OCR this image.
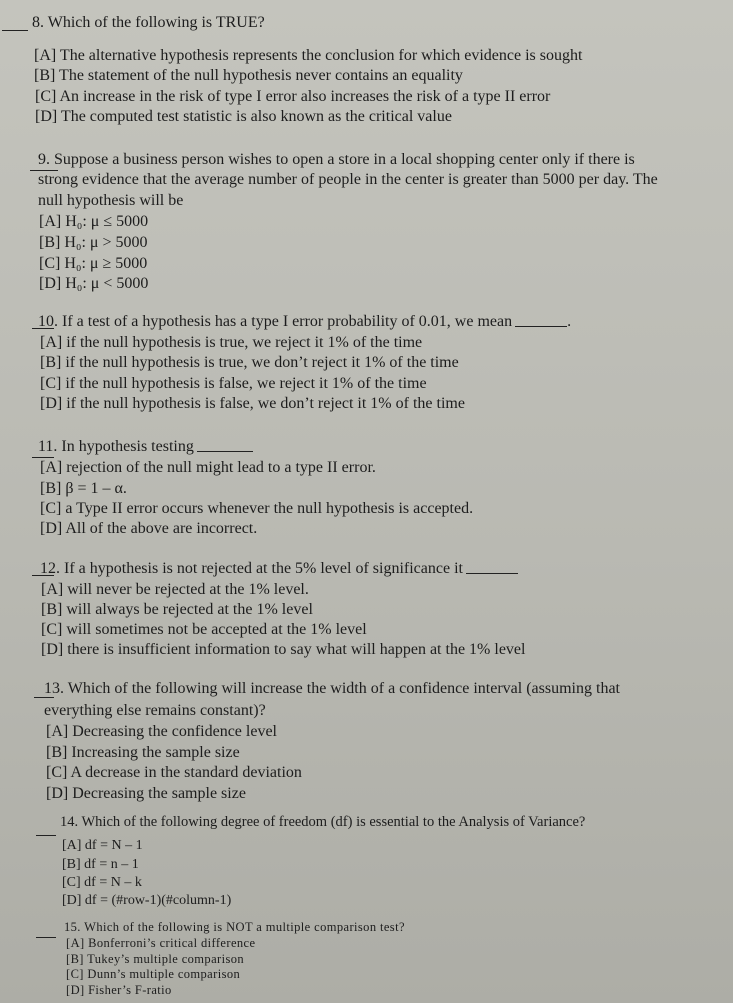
8. Which of the following is TRUE?
[A] The alternative hypothesis represents the conclusion for which evidence is sought
[B] The statement of the null hypothesis never contains an equality
[C] An increase in the risk of type I error also increases the risk of a type II error
[D] The computed test statistic is also known as the critical value
9. Suppose a business person wishes to open a store in a local shopping center only if there is
strong evidence that the average number of people in the center is greater than 5000 per day. The
null hypothesis will be
[A] H₀: μ ≤ 5000
[B] H₀: μ > 5000
[C] H₀: μ ≥ 5000
[D] H₀: μ < 5000
10. If a test of a hypothesis has a type I error probability of 0.01, we mean	.
[A] if the null hypothesis is true, we reject it 1% of the time
[B] if the null hypothesis is true, we don’t reject it 1% of the time
[C] if the null hypothesis is false, we reject it 1% of the time
[D] if the null hypothesis is false, we don’t reject it 1% of the time
11. In hypothesis testing
[A] rejection of the null might lead to a type II error.
[B] β = 1 – α.
[C] a Type II error occurs whenever the null hypothesis is accepted.
[D] All of the above are incorrect.
12. If a hypothesis is not rejected at the 5% level of significance it
[A] will never be rejected at the 1% level.
[B] will always be rejected at the 1% level
[C] will sometimes not be accepted at the 1% level
[D] there is insufficient information to say what will happen at the 1% level
13. Which of the following will increase the width of a confidence interval (assuming that
everything else remains constant)?
[A] Decreasing the confidence level
[B] Increasing the sample size
[C] A decrease in the standard deviation
[D] Decreasing the sample size
14. Which of the following degree of freedom (df) is essential to the Analysis of Variance?
[A] df = N – 1
[B] df = n – 1
[C] df = N – k
[D] df = (#row-1)(#column-1)
15. Which of the following is NOT a multiple comparison test?
[A] Bonferroni’s critical difference
[B] Tukey’s multiple comparison
[C] Dunn’s multiple comparison
[D] Fisher’s F-ratio
